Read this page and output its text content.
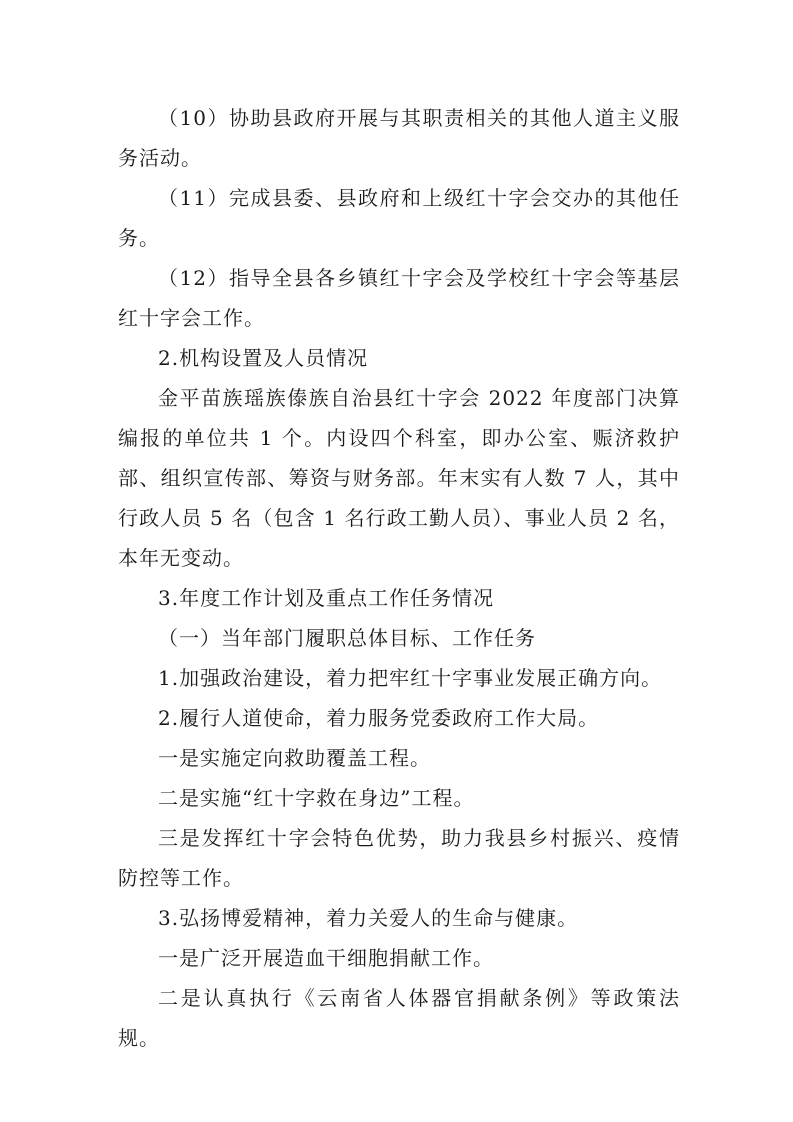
（10）协助县政府开展与其职责相关的其他人道主义服务活动。

（11）完成县委、县政府和上级红十字会交办的其他任务。

（12）指导全县各乡镇红十字会及学校红十字会等基层红十字会工作。

2.机构设置及人员情况

金平苗族瑶族傣族自治县红十字会 2022 年度部门决算编报的单位共 1 个。内设四个科室，即办公室、赈济救护部、组织宣传部、筹资与财务部。年末实有人数 7 人，其中行政人员 5 名（包含 1 名行政工勤人员）、事业人员 2 名，本年无变动。

3.年度工作计划及重点工作任务情况

（一）当年部门履职总体目标、工作任务

1.加强政治建设，着力把牢红十字事业发展正确方向。

2.履行人道使命，着力服务党委政府工作大局。

一是实施定向救助覆盖工程。

二是实施“红十字救在身边”工程。

三是发挥红十字会特色优势，助力我县乡村振兴、疫情防控等工作。

3.弘扬博爱精神，着力关爱人的生命与健康。

一是广泛开展造血干细胞捐献工作。

二是认真执行《云南省人体器官捐献条例》等政策法规。
